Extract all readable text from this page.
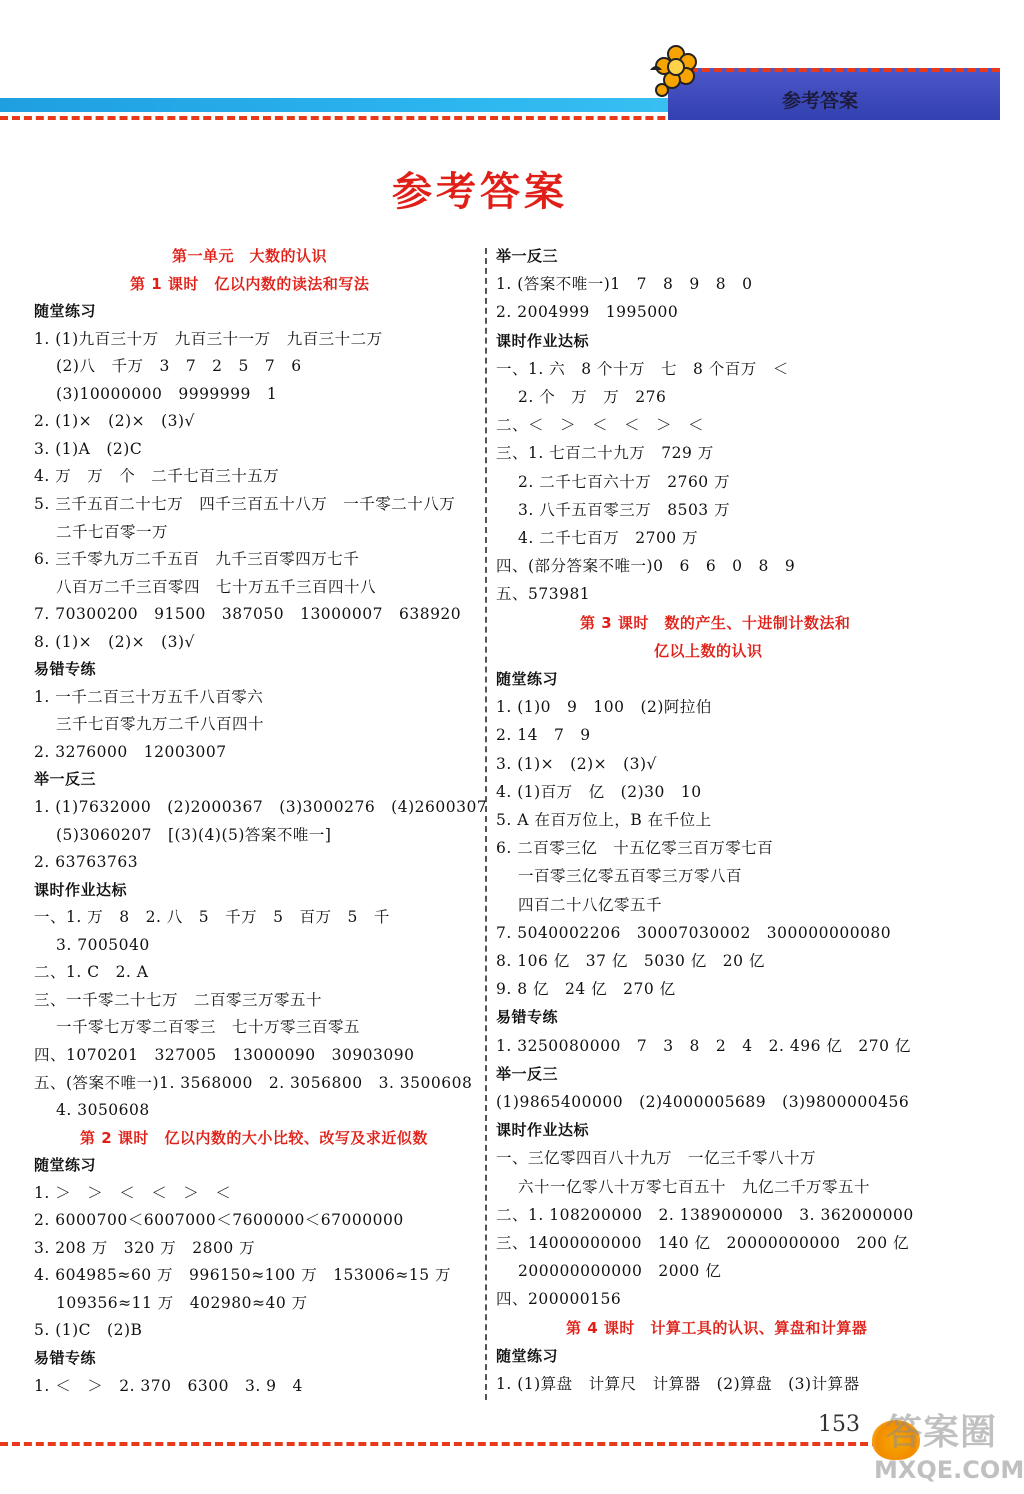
参考答案
参考答案
第一单元　大数的认识
第 1 课时　亿以内数的读法和写法
随堂练习
1. (1)九百三十万　九百三十一万　九百三十二万
(2)八　千万　3　7　2　5　7　6
(3)10000000　9999999　1
2. (1)×　(2)×　(3)√
3. (1)A　(2)C
4. 万　万　个　二千七百三十五万
5. 三千五百二十七万　四千三百五十八万　一千零二十八万
二千七百零一万
6. 三千零九万二千五百　九千三百零四万七千
八百万二千三百零四　七十万五千三百四十八
7. 70300200　91500　387050　13000007　638920
8. (1)×　(2)×　(3)√
易错专练
1. 一千二百三十万五千八百零六
三千七百零九万二千八百四十
2. 3276000　12003007
举一反三
1. (1)7632000　(2)2000367　(3)3000276　(4)2600307
(5)3060207　[(3)(4)(5)答案不唯一]
2. 63763763
课时作业达标
一、1. 万　8　2. 八　5　千万　5　百万　5　千
3. 7005040
二、1. C　2. A
三、一千零二十七万　二百零三万零五十
一千零七万零二百零三　七十万零三百零五
四、1070201　327005　13000090　30903090
五、(答案不唯一)1. 3568000　2. 3056800　3. 3500608
4. 3050608
第 2 课时　亿以内数的大小比较、改写及求近似数
随堂练习
1. ＞　＞　＜　＜　＞　＜
2. 6000700＜6007000＜7600000＜67000000
3. 208 万　320 万　2800 万
4. 604985≈60 万　996150≈100 万　153006≈15 万
109356≈11 万　402980≈40 万
5. (1)C　(2)B
易错专练
1. ＜　＞　2. 370　6300　3. 9　4
举一反三
1. (答案不唯一)1　7　8　9　8　0
2. 2004999　1995000
课时作业达标
一、1. 六　8 个十万　七　8 个百万　＜
2. 个　万　万　276
二、＜　＞　＜　＜　＞　＜
三、1. 七百二十九万　729 万
2. 二千七百六十万　2760 万
3. 八千五百零三万　8503 万
4. 二千七百万　2700 万
四、(部分答案不唯一)0　6　6　0　8　9
五、573981
第 3 课时　数的产生、十进制计数法和
亿以上数的认识
随堂练习
1. (1)0　9　100　(2)阿拉伯
2. 14　7　9
3. (1)×　(2)×　(3)√
4. (1)百万　亿　(2)30　10
5. A 在百万位上，B 在千位上
6. 二百零三亿　十五亿零三百万零七百
一百零三亿零五百零三万零八百
四百二十八亿零五千
7. 5040002206　30007030002　300000000080
8. 106 亿　37 亿　5030 亿　20 亿
9. 8 亿　24 亿　270 亿
易错专练
1. 3250080000　7　3　8　2　4　2. 496 亿　270 亿
举一反三
(1)9865400000　(2)4000005689　(3)9800000456
课时作业达标
一、三亿零四百八十九万　一亿三千零八十万
六十一亿零八十万零七百五十　九亿二千万零五十
二、1. 108200000　2. 1389000000　3. 362000000
三、14000000000　140 亿　20000000000　200 亿
200000000000　2000 亿
四、200000156
第 4 课时　计算工具的认识、算盘和计算器
随堂练习
1. (1)算盘　计算尺　计算器　(2)算盘　(3)计算器
153 答案圈
MXQE.COM
